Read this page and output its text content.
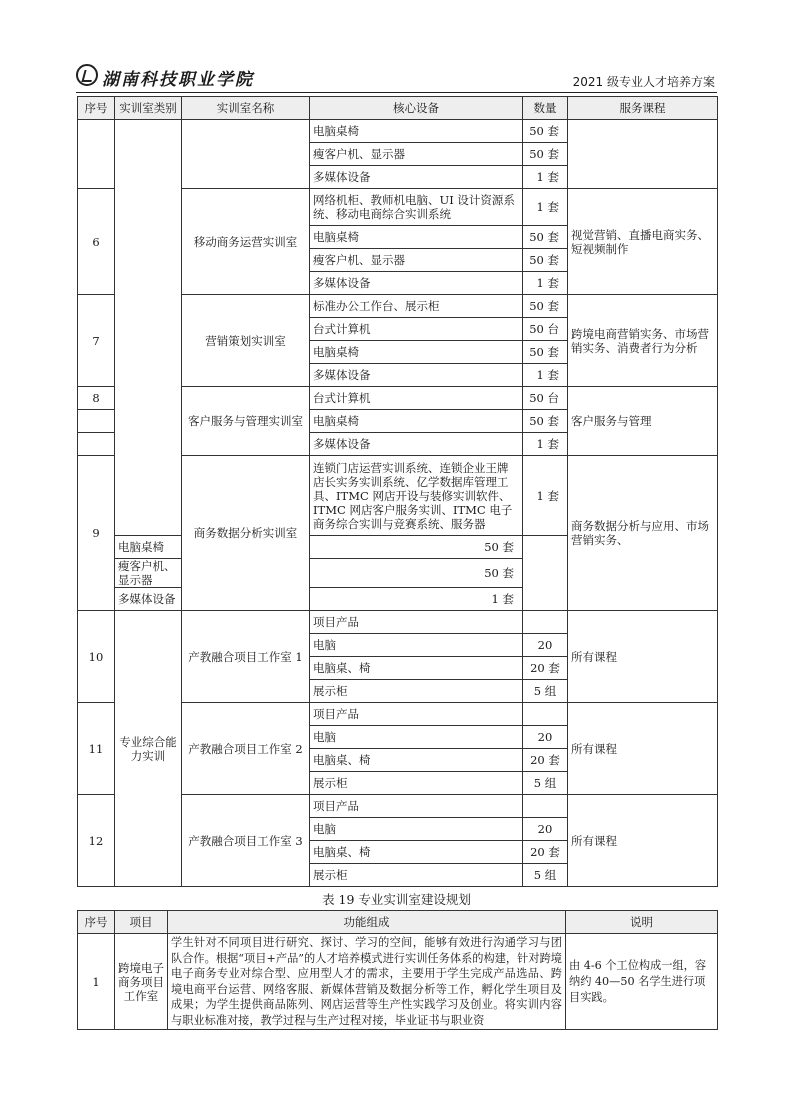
湖南科技职业学院	2021 级专业人才培养方案
序号	实训室类别	实训室名称	核心设备	数量	服务课程
			电脑桌椅	50 套	
			瘦客户机、显示器	50 套	
			多媒体设备	1 套	
6		移动商务运营实训室	网络机柜、教师机电脑、UI 设计资源系统、移动电商综合实训系统	1 套	视觉营销、直播电商实务、短视频制作
			电脑桌椅	50 套	
			瘦客户机、显示器	50 套	
			多媒体设备	1 套	
7		营销策划实训室	标准办公工作台、展示柜	50 套	跨境电商营销实务、市场营销实务、消费者行为分析
			台式计算机	50 台	
			电脑桌椅	50 套	
			多媒体设备	1 套	
8		客户服务与管理实训室	台式计算机	50 台	客户服务与管理
			电脑桌椅	50 套	
			多媒体设备	1 套	
9		商务数据分析实训室	连锁门店运营实训系统、连锁企业王牌店长实务实训系统、亿学数据库管理工具、ITMC 网店开设与装修实训软件、ITMC 网店客户服务实训、ITMC 电子商务综合实训与竞赛系统、服务器	1 套	商务数据分析与应用、市场营销实务、
	电脑桌椅		50 套		
	瘦客户机、显示器		50 套		
	多媒体设备		1 套		
10	专业综合能力实训	产教融合项目工作室 1	项目产品		所有课程
			电脑	20	
			电脑桌、椅	20 套	
			展示柜	5 组	
11		产教融合项目工作室 2	项目产品		所有课程
			电脑	20	
			电脑桌、椅	20 套	
			展示柜	5 组	
12		产教融合项目工作室 3	项目产品		所有课程
			电脑	20	
			电脑桌、椅	20 套	
			展示柜	5 组	
表 19 专业实训室建设规划
序号	项目	功能组成	说明
1	跨境电子商务项目工作室	学生针对不同项目进行研究、探讨、学习的空间，能够有效进行沟通学习与团队合作。根据“项目+产品”的人才培养模式进行实训任务体系的构建，针对跨境电子商务专业对综合型、应用型人才的需求，主要用于学生完成产品选品、跨境电商平台运营、网络客服、新媒体营销及数据分析等工作，孵化学生项目及成果；为学生提供商品陈列、网店运营等生产性实践学习及创业。将实训内容与职业标准对接，教学过程与生产过程对接，毕业证书与职业资	由 4-6 个工位构成一组，容纳约 40—50 名学生进行项目实践。
